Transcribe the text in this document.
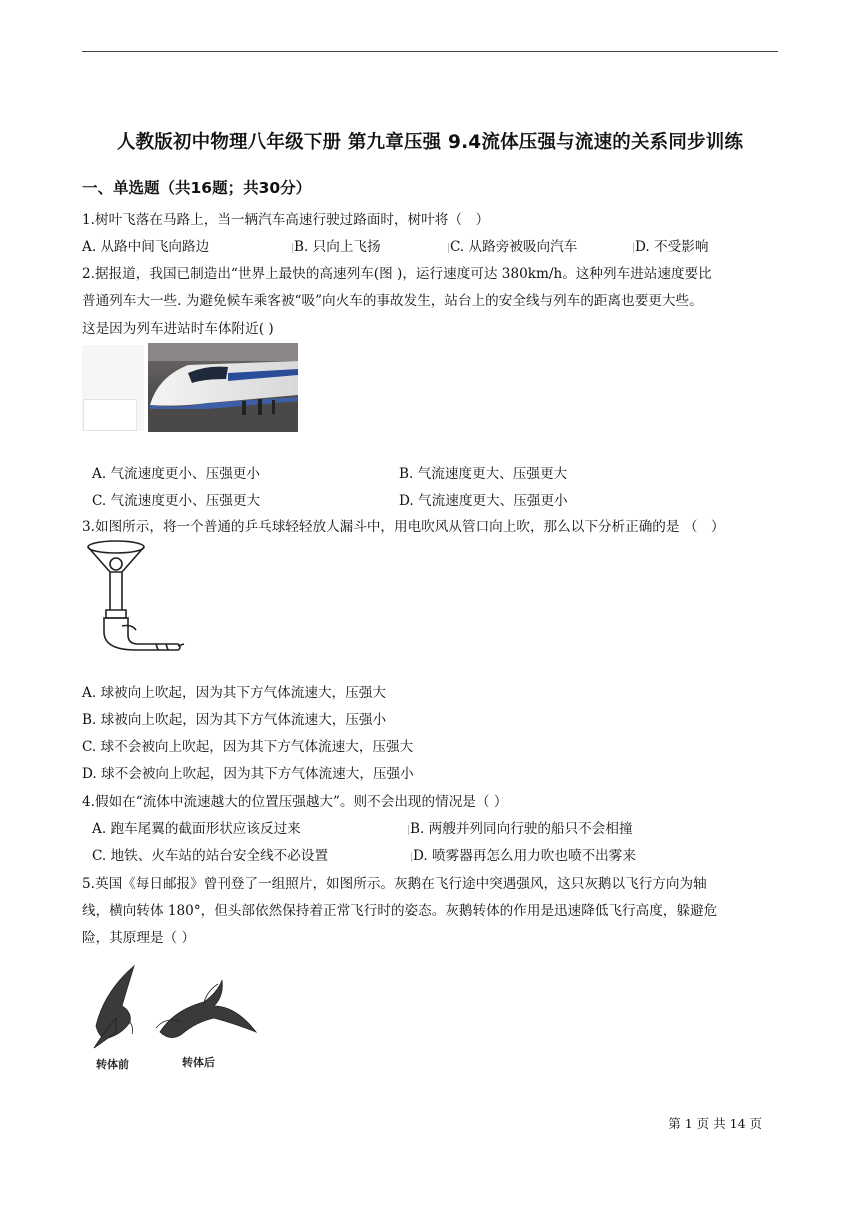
人教版初中物理八年级下册 第九章压强 9.4流体压强与流速的关系同步训练
一、单选题（共16题；共30分）
1.树叶飞落在马路上，当一辆汽车高速行驶过路面时，树叶将（　）
A. 从路中间飞向路边	B. 只向上飞扬	C. 从路旁被吸向汽车	D. 不受影响
2.据报道，我国已制造出“世界上最快的高速列车(图 )，运行速度可达 380km/h。这种列车进站速度要比
普通列车大一些. 为避免候车乘客被“吸”向火车的事故发生，站台上的安全线与列车的距离也要更大些。
这是因为列车进站时车体附近( )
A. 气流速度更小、压强更小	B. 气流速度更大、压强更大
C. 气流速度更小、压强更大	D. 气流速度更大、压强更小
3.如图所示，将一个普通的乒乓球轻轻放人漏斗中，用电吹风从管口向上吹，那么以下分析正确的是 （　）
A. 球被向上吹起，因为其下方气体流速大，压强大
B. 球被向上吹起，因为其下方气体流速大，压强小
C. 球不会被向上吹起，因为其下方气体流速大，压强大
D. 球不会被向上吹起，因为其下方气体流速大，压强小
4.假如在“流体中流速越大的位置压强越大”。则不会出现的情况是（ ）
A. 跑车尾翼的截面形状应该反过来	B. 两艘并列同向行驶的船只不会相撞
C. 地铁、火车站的站台安全线不必设置	D. 喷雾器再怎么用力吹也喷不出雾来
5.英国《每日邮报》曾刊登了一组照片，如图所示。灰鹅在飞行途中突遇强风，这只灰鹅以飞行方向为轴
线，横向转体 180°，但头部依然保持着正常飞行时的姿态。灰鹅转体的作用是迅速降低飞行高度，躲避危
险，其原理是（ ）
转体前	转体后
第 1 页 共 14 页
